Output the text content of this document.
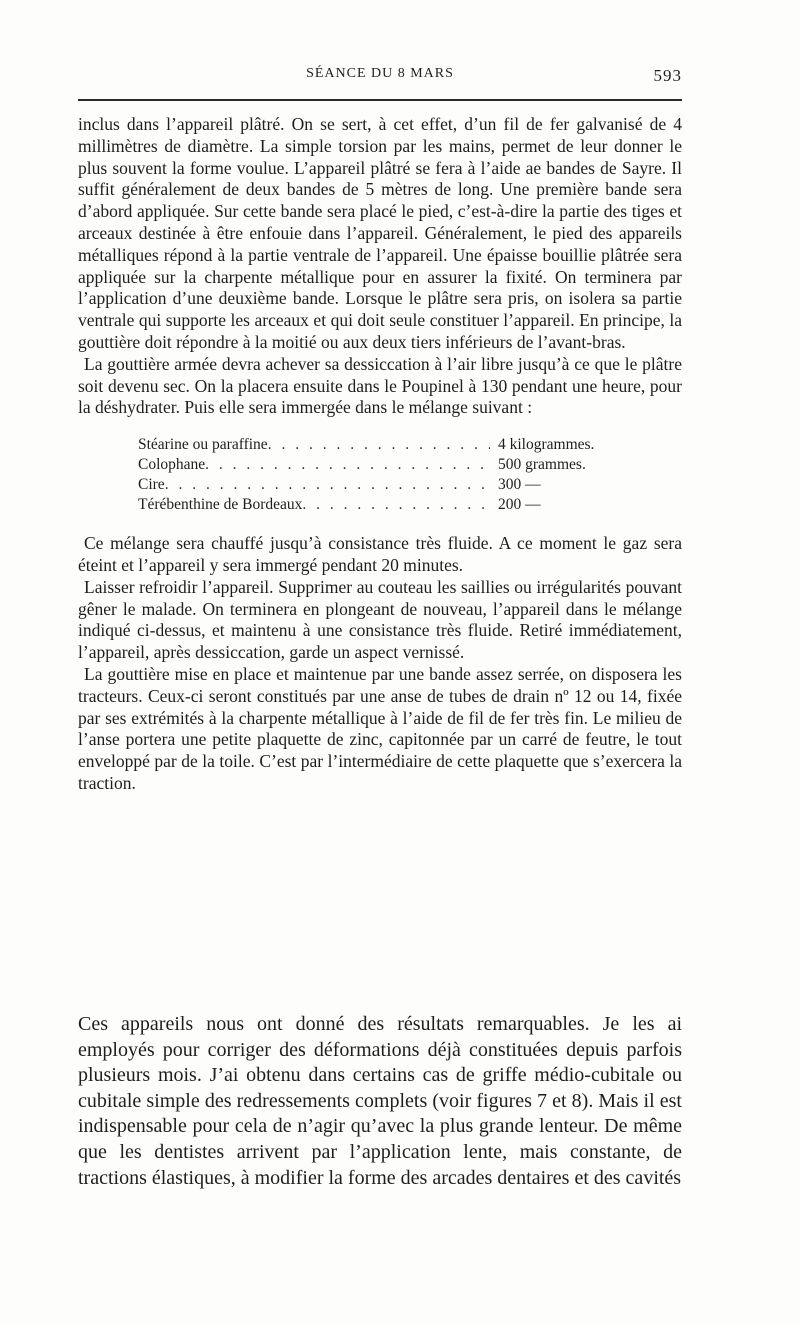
SÉANCE DU 8 MARS	593

inclus dans l’appareil plâtré. On se sert, à cet effet, d’un fil de fer galvanisé de 4 millimètres de diamètre. La simple torsion par les mains, permet de leur donner le plus souvent la forme voulue. L’appareil plâtré se fera à l’aide ae bandes de Sayre. Il suffit généralement de deux bandes de 5 mètres de long. Une première bande sera d’abord appliquée. Sur cette bande sera placé le pied, c’est-à-dire la partie des tiges et arceaux destinée à être enfouie dans l’appareil. Généralement, le pied des appareils métalliques répond à la partie ventrale de l’appareil. Une épaisse bouillie plâtrée sera appliquée sur la charpente métallique pour en assurer la fixité. On terminera par l’application d’une deuxième bande. Lorsque le plâtre sera pris, on isolera sa partie ventrale qui supporte les arceaux et qui doit seule constituer l’appareil. En principe, la gouttière doit répondre à la moitié ou aux deux tiers inférieurs de l’avant-bras.

La gouttière armée devra achever sa dessiccation à l’air libre jusqu’à ce que le plâtre soit devenu sec. On la placera ensuite dans le Poupinel à 130 pendant une heure, pour la déshydrater. Puis elle sera immergée dans le mélange suivant :

Stéarine ou paraffine . . .	4 kilogrammes.
Colophane . . .	500 grammes.
Cire . . .	300 —
Térébenthine de Bordeaux . . .	200 —

Ce mélange sera chauffé jusqu’à consistance très fluide. A ce moment le gaz sera éteint et l’appareil y sera immergé pendant 20 minutes.

Laisser refroidir l’appareil. Supprimer au couteau les saillies ou irrégularités pouvant gêner le malade. On terminera en plongeant de nouveau, l’appareil dans le mélange indiqué ci-dessus, et maintenu à une consistance très fluide. Retiré immédiatement, l’appareil, après dessiccation, garde un aspect vernissé.

La gouttière mise en place et maintenue par une bande assez serrée, on disposera les tracteurs. Ceux-ci seront constitués par une anse de tubes de drain nº 12 ou 14, fixée par ses extrémités à la charpente métallique à l’aide de fil de fer très fin. Le milieu de l’anse portera une petite plaquette de zinc, capitonnée par un carré de feutre, le tout enveloppé par de la toile. C’est par l’intermédiaire de cette plaquette que s’exercera la traction.

Ces appareils nous ont donné des résultats remarquables. Je les ai employés pour corriger des déformations déjà constituées depuis parfois plusieurs mois. J’ai obtenu dans certains cas de griffe médio-cubitale ou cubitale simple des redressements complets (voir figures 7 et 8). Mais il est indispensable pour cela de n’agir qu’avec la plus grande lenteur. De même que les dentistes arrivent par l’application lente, mais constante, de tractions élastiques, à modifier la forme des arcades dentaires et des cavités
